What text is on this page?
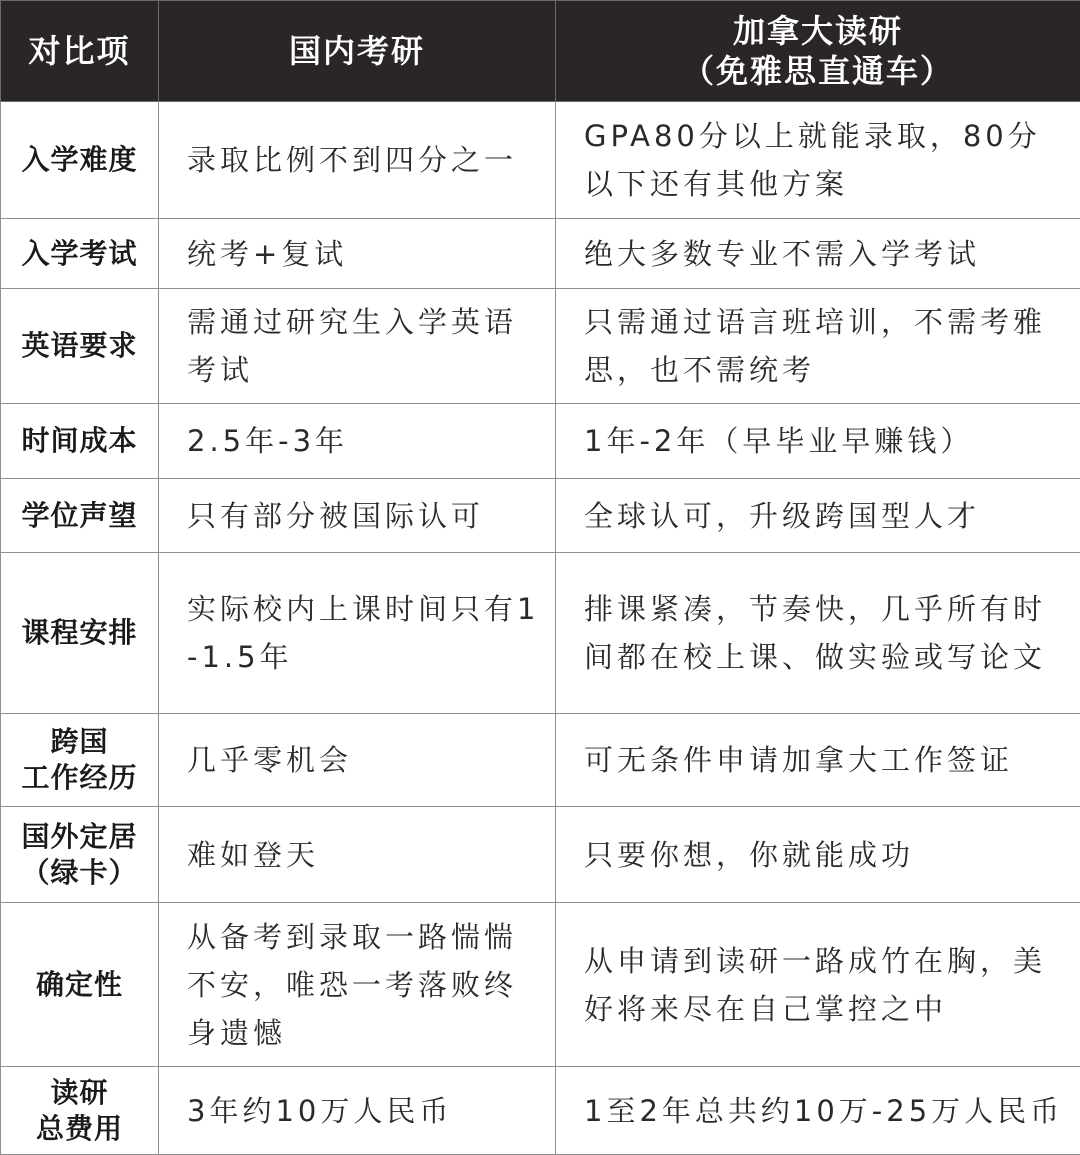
对比项	国内考研	加拿大读研
（免雅思直通车）

入学难度	录取比例不到四分之一	GPA80分以上就能录取，80分以下还有其他方案

入学考试	统考+复试	绝大多数专业不需入学考试

英语要求	需通过研究生入学英语考试	只需通过语言班培训，不需考雅思，也不需统考

时间成本	2.5年-3年	1年-2年（早毕业早赚钱）

学位声望	只有部分被国际认可	全球认可，升级跨国型人才

课程安排	实际校内上课时间只有1-1.5年	排课紧凑，节奏快，几乎所有时间都在校上课、做实验或写论文

跨国
工作经历	几乎零机会	可无条件申请加拿大工作签证

国外定居
（绿卡）	难如登天	只要你想，你就能成功

确定性	从备考到录取一路惴惴不安，唯恐一考落败终身遗憾	从申请到读研一路成竹在胸，美好将来尽在自己掌控之中

读研
总费用	3年约10万人民币	1至2年总共约10万-25万人民币
